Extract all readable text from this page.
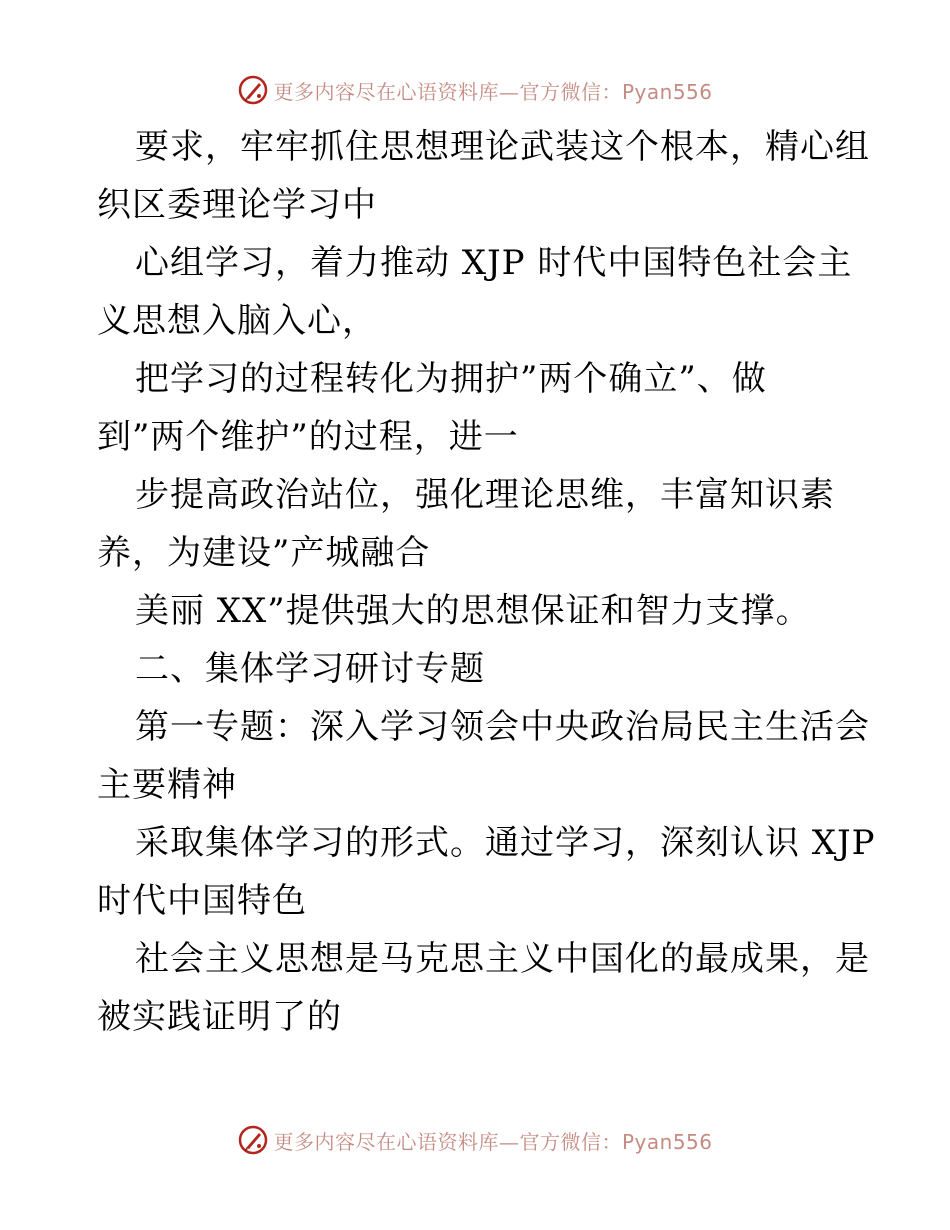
更多内容尽在心语资料库—官方微信：Pyan556
要求，牢牢抓住思想理论武装这个根本，精心组
织区委理论学习中
心组学习，着力推动 XJP 时代中国特色社会主
义思想入脑入心，
把学习的过程转化为拥护”两个确立”、做
到”两个维护”的过程，进一
步提高政治站位，强化理论思维，丰富知识素
养，为建设”产城融合
美丽 XX”提供强大的思想保证和智力支撑。
二、集体学习研讨专题
第一专题：深入学习领会中央政治局民主生活会
主要精神
采取集体学习的形式。通过学习，深刻认识 XJP
时代中国特色
社会主义思想是马克思主义中国化的最成果，是
被实践证明了的
更多内容尽在心语资料库—官方微信：Pyan556
